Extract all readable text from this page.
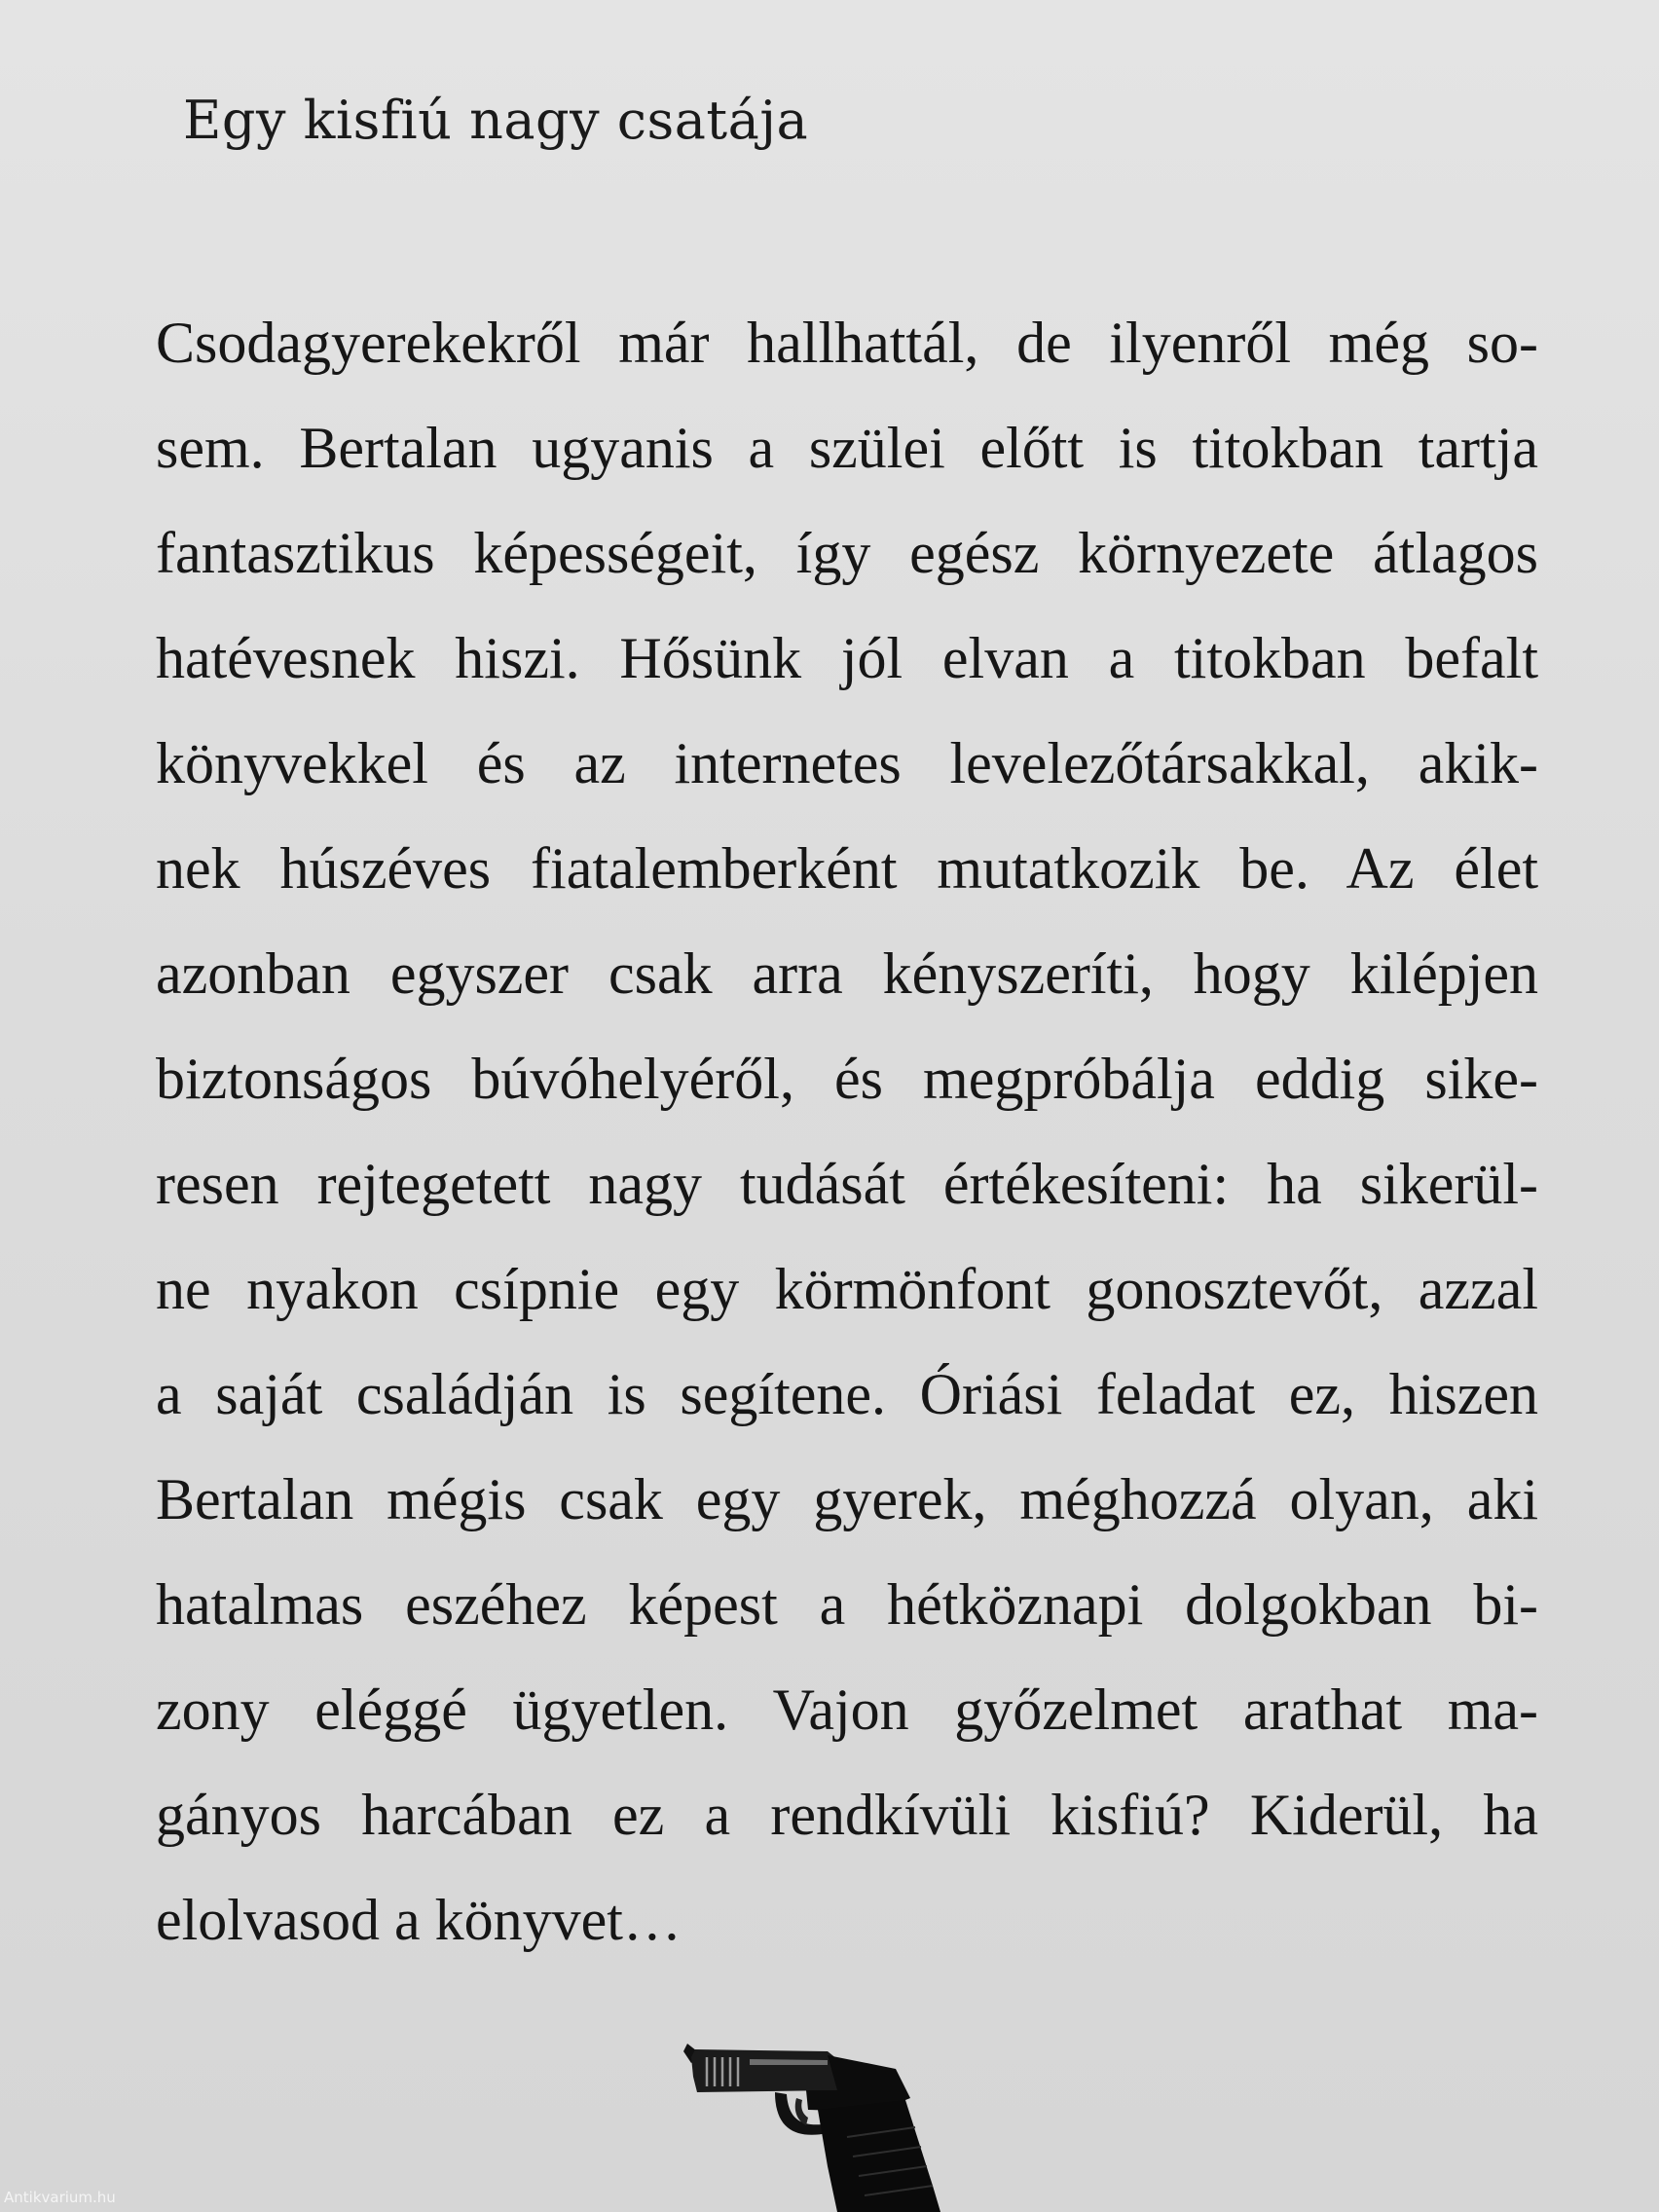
Egy kisfiú nagy csatája
Csodagyerekekről már hallhattál, de ilyenről még so-
sem. Bertalan ugyanis a szülei előtt is titokban tartja
fantasztikus képességeit, így egész környezete átlagos
hatévesnek hiszi. Hősünk jól elvan a titokban befalt
könyvekkel és az internetes levelezőtársakkal, akik-
nek húszéves fiatalemberként mutatkozik be. Az élet
azonban egyszer csak arra kényszeríti, hogy kilépjen
biztonságos búvóhelyéről, és megpróbálja eddig sike-
resen rejtegetett nagy tudását értékesíteni: ha sikerül-
ne nyakon csípnie egy körmönfont gonosztevőt, azzal
a saját családján is segítene. Óriási feladat ez, hiszen
Bertalan mégis csak egy gyerek, méghozzá olyan, aki
hatalmas eszéhez képest a hétköznapi dolgokban bi-
zony eléggé ügyetlen. Vajon győzelmet arathat ma-
gányos harcában ez a rendkívüli kisfiú? Kiderül, ha
elolvasod a könyvet…
Antikvarium.hu
